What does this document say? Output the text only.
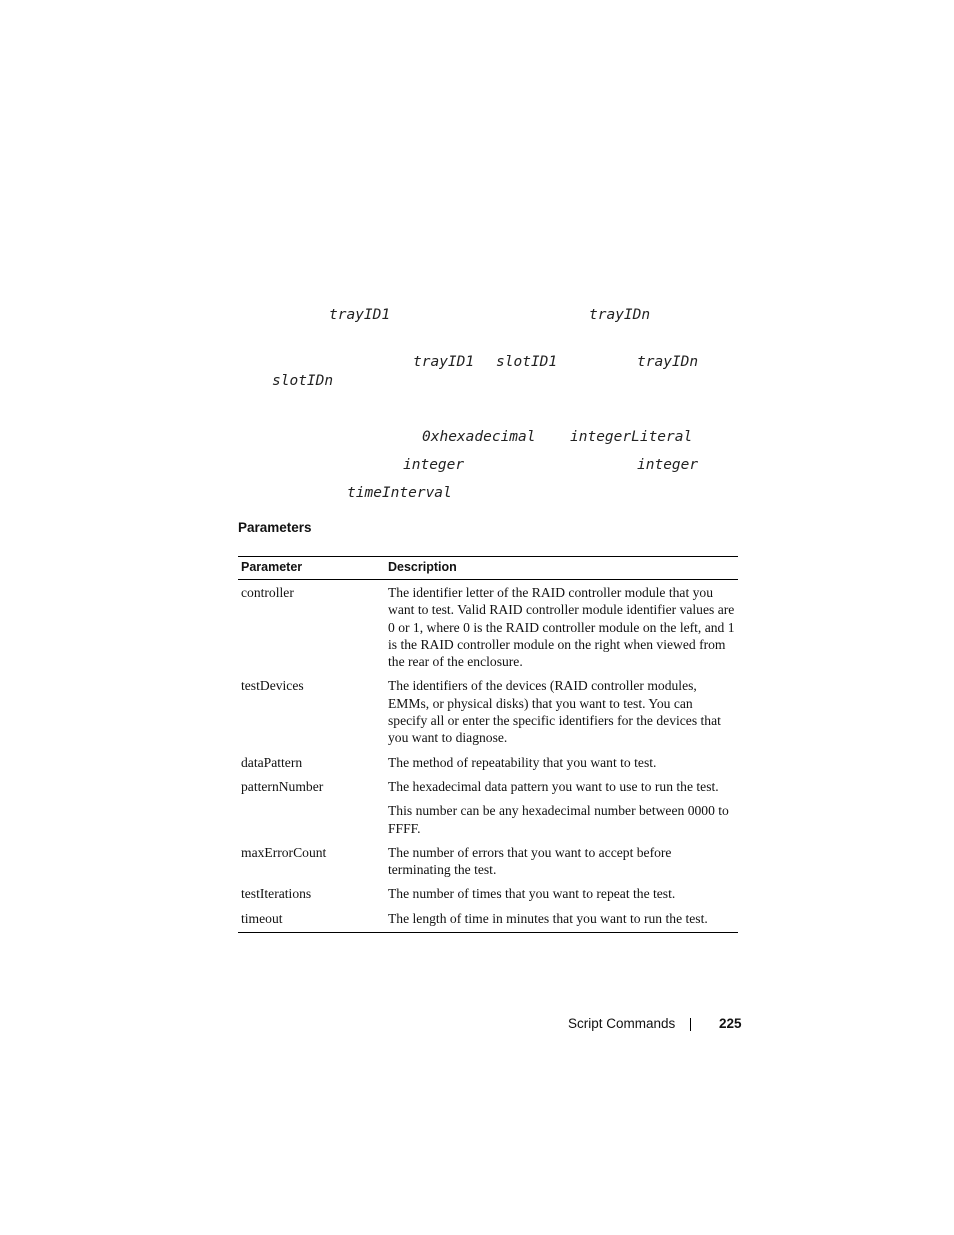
trayID1	trayIDn
trayID1 slotID1	trayIDn
slotIDn
0xhexadecimal integerLiteral
integer	integer
timeInterval
Parameters
Parameter	Description
controller	The identifier letter of the RAID controller module that you want to test. Valid RAID controller module identifier values are 0 or 1, where 0 is the RAID controller module on the left, and 1 is the RAID controller module on the right when viewed from the rear of the enclosure.

testDevices	The identifiers of the devices (RAID controller modules, EMMs, or physical disks) that you want to test. You can specify all or enter the specific identifiers for the devices that you want to diagnose.

dataPattern	The method of repeatability that you want to test.

patternNumber	The hexadecimal data pattern you want to use to run the test.

This number can be any hexadecimal number between 0000 to FFFF.

maxErrorCount	The number of errors that you want to accept before terminating the test.

testIterations	The number of times that you want to repeat the test.

timeout	The length of time in minutes that you want to run the test.

Script Commands	225
